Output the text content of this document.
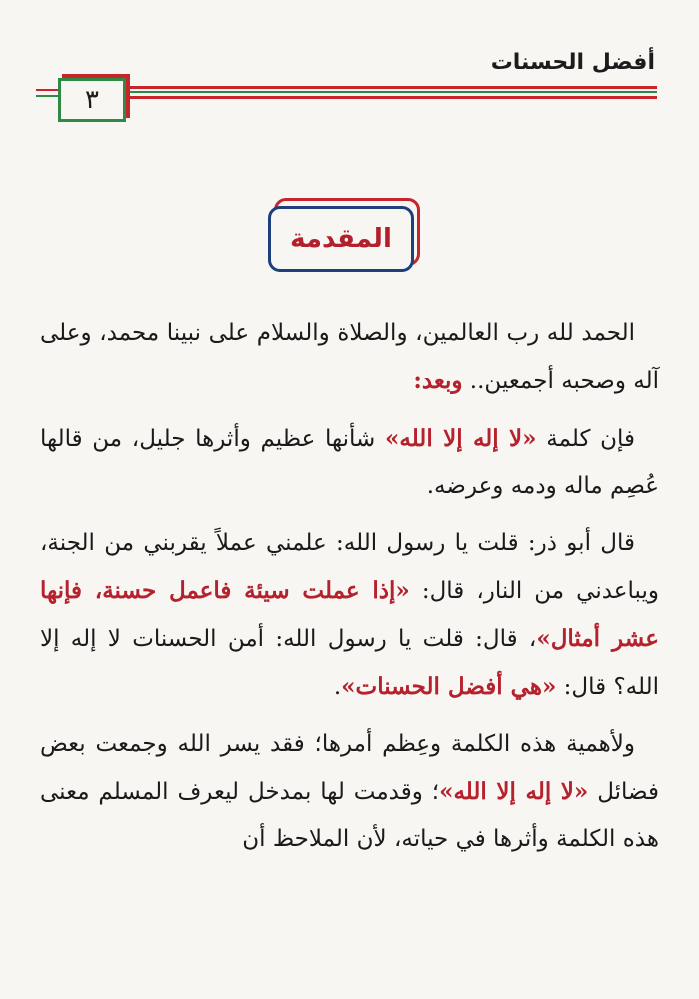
أفضل الحسنات
٣
المقدمة

الحمد لله رب العالمين، والصلاة والسلام على نبينا محمد، وعلى آله وصحبه أجمعين.. وبعد:

فإن كلمة «لا إله إلا الله» شأنها عظيم وأثرها جليل، من قالها عُصِم ماله ودمه وعرضه.

قال أبو ذر: قلت يا رسول الله: علمني عملاً يقربني من الجنة، ويباعدني من النار، قال: «إذا عملت سيئة فاعمل حسنة، فإنها عشر أمثال»، قال: قلت يا رسول الله: أمن الحسنات لا إله إلا الله؟ قال: «هي أفضل الحسنات».

ولأهمية هذه الكلمة وعِظم أمرها؛ فقد يسر الله وجمعت بعض فضائل «لا إله إلا الله»؛ وقدمت لها بمدخل ليعرف المسلم معنى هذه الكلمة وأثرها في حياته، لأن الملاحظ أن
